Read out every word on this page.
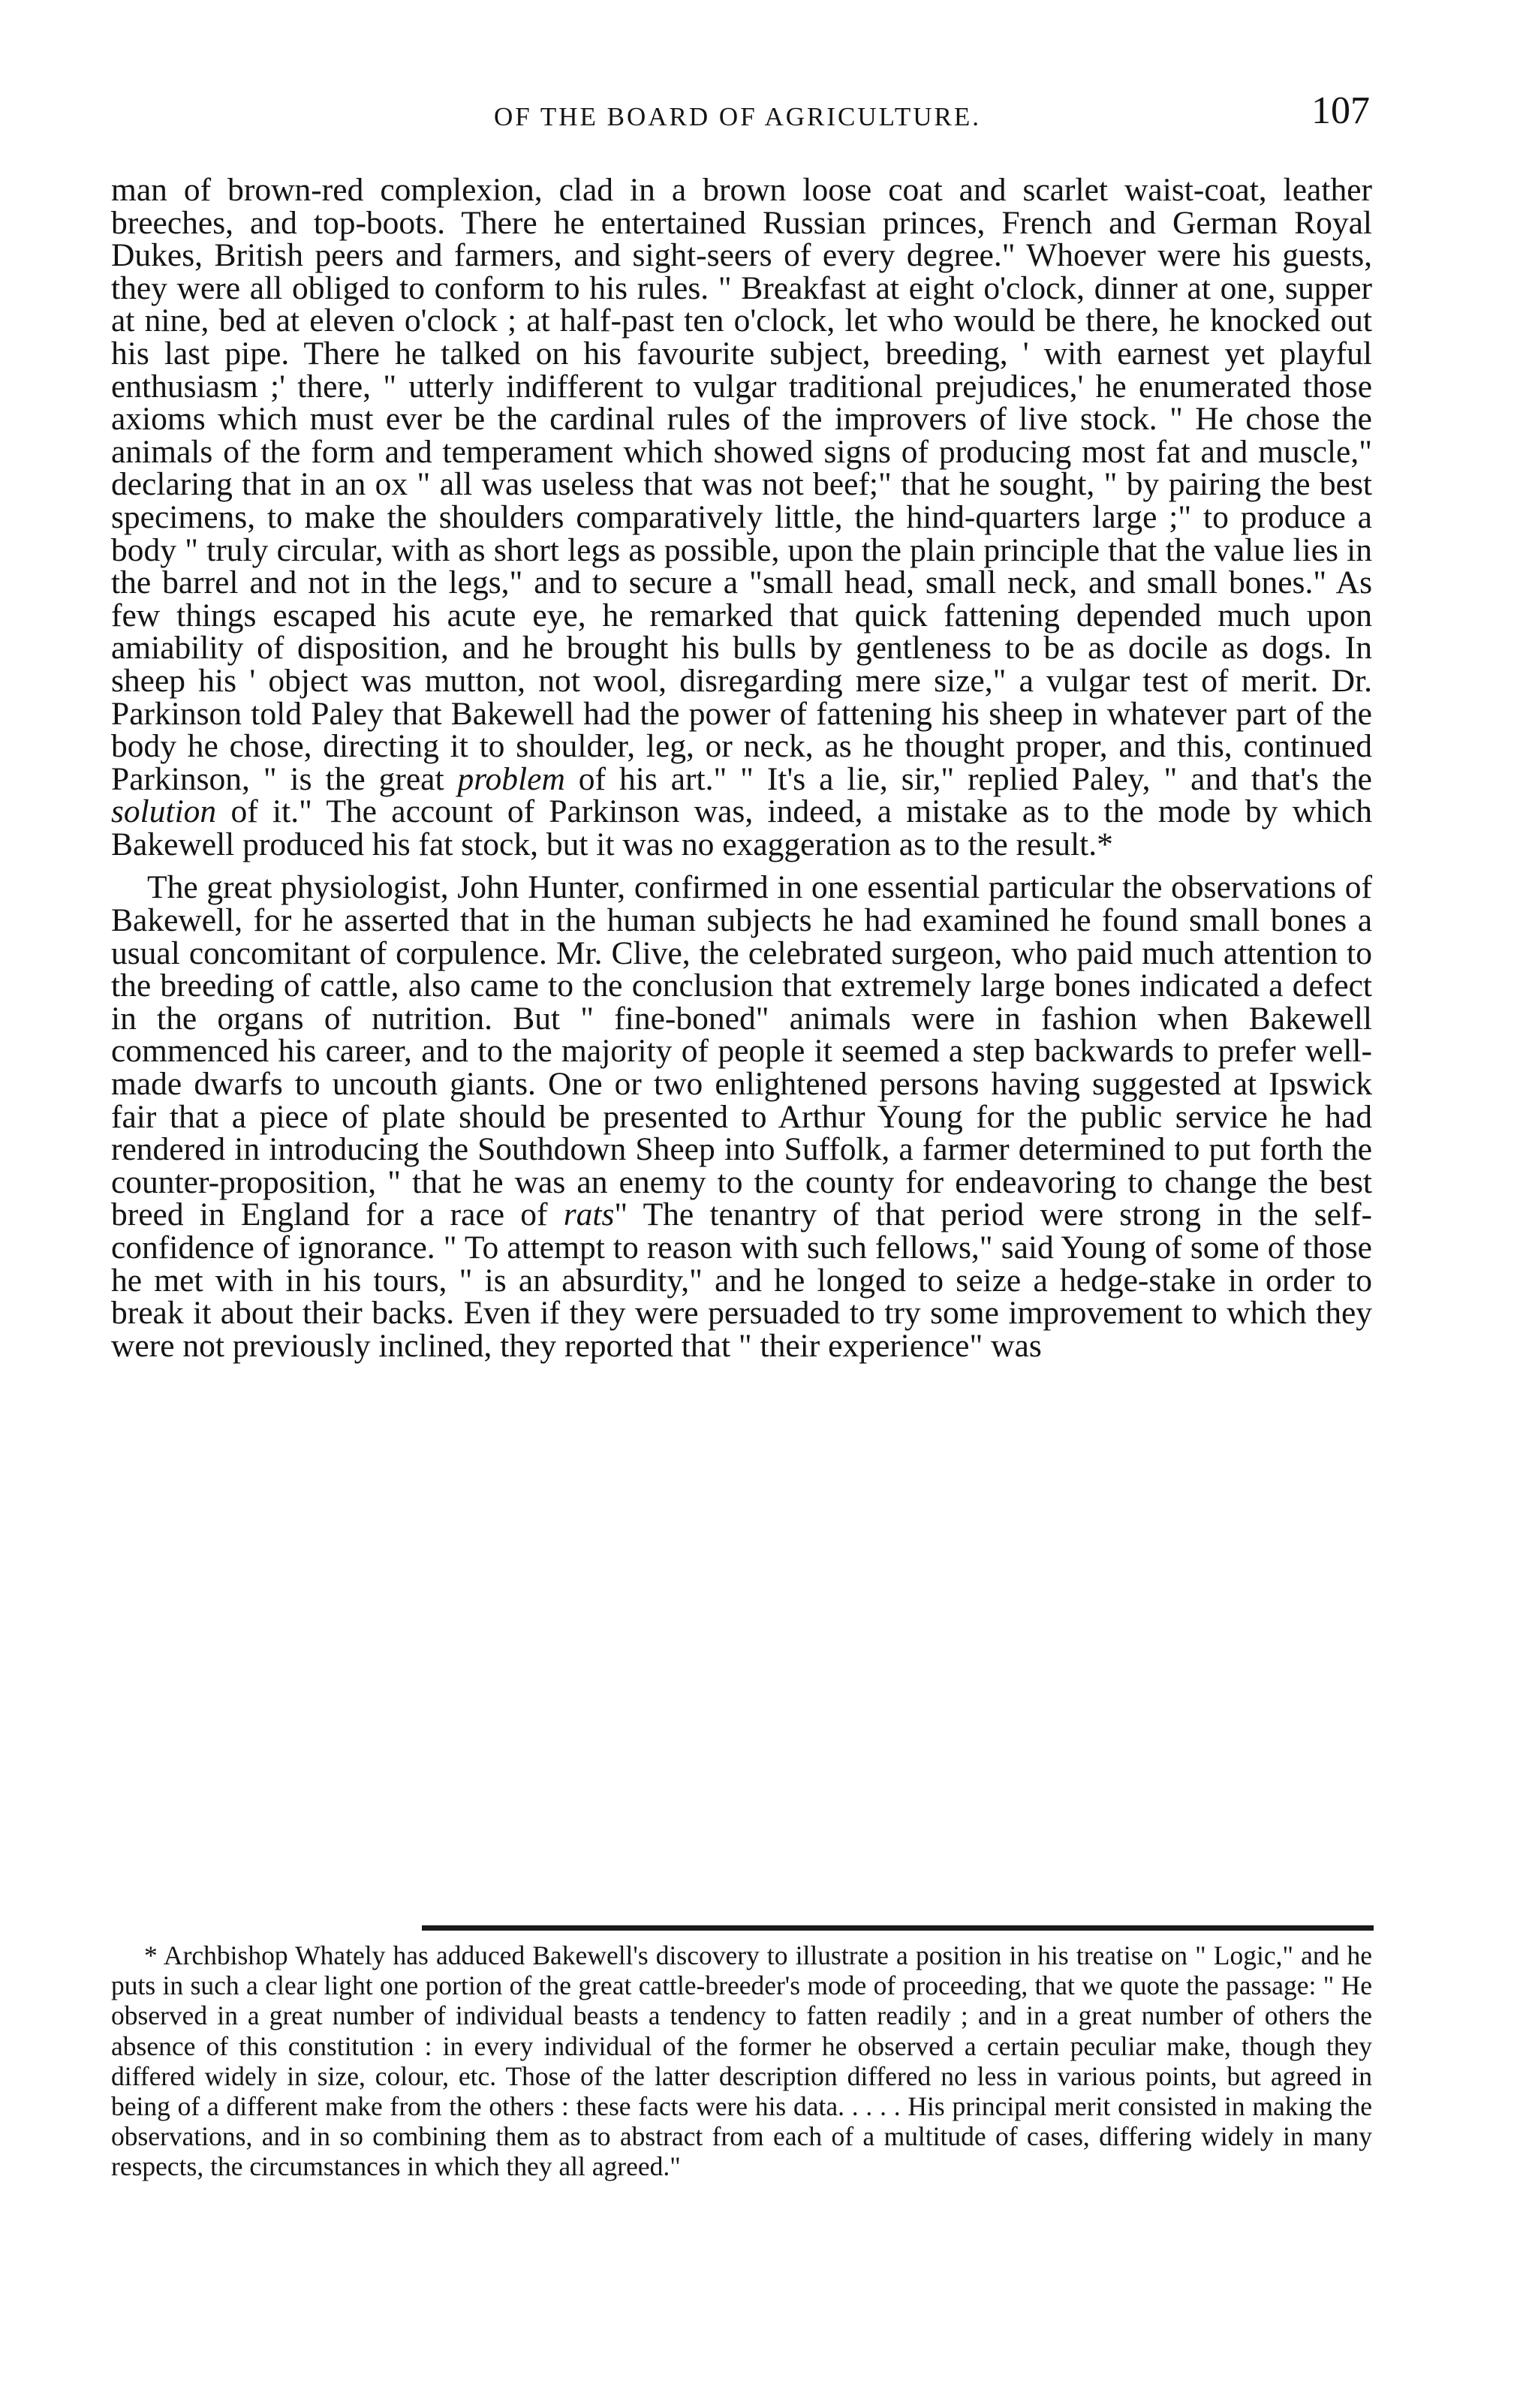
OF THE BOARD OF AGRICULTURE.	107

man of brown-red complexion, clad in a brown loose coat and scarlet waist-coat, leather breeches, and top-boots. There he entertained Russian princes, French and German Royal Dukes, British peers and farmers, and sight-seers of every degree." Whoever were his guests, they were all obliged to conform to his rules. " Breakfast at eight o'clock, dinner at one, supper at nine, bed at eleven o'clock ; at half-past ten o'clock, let who would be there, he knocked out his last pipe. There he talked on his favourite subject, breeding, ' with earnest yet playful enthusiasm ;' there, " utterly indifferent to vulgar traditional prejudices,' he enumerated those axioms which must ever be the cardinal rules of the improvers of live stock. " He chose the animals of the form and temperament which showed signs of producing most fat and muscle," declaring that in an ox " all was useless that was not beef;" that he sought, " by pairing the best specimens, to make the shoulders comparatively little, the hind-quarters large ;" to produce a body " truly circular, with as short legs as possible, upon the plain principle that the value lies in the barrel and not in the legs," and to secure a "small head, small neck, and small bones." As few things escaped his acute eye, he remarked that quick fattening depended much upon amiability of disposition, and he brought his bulls by gentleness to be as docile as dogs. In sheep his ' object was mutton, not wool, disregarding mere size," a vulgar test of merit. Dr. Parkinson told Paley that Bakewell had the power of fattening his sheep in whatever part of the body he chose, directing it to shoulder, leg, or neck, as he thought proper, and this, continued Parkinson, " is the great problem of his art." " It's a lie, sir," replied Paley, " and that's the solution of it." The account of Parkinson was, indeed, a mistake as to the mode by which Bakewell produced his fat stock, but it was no exaggeration as to the result.*

The great physiologist, John Hunter, confirmed in one essential particular the observations of Bakewell, for he asserted that in the human subjects he had examined he found small bones a usual concomitant of corpulence. Mr. Clive, the celebrated surgeon, who paid much attention to the breeding of cattle, also came to the conclusion that extremely large bones indicated a defect in the organs of nutrition. But " fine-boned" animals were in fashion when Bakewell commenced his career, and to the majority of people it seemed a step backwards to prefer well-made dwarfs to uncouth giants. One or two enlightened persons having suggested at Ipswick fair that a piece of plate should be presented to Arthur Young for the public service he had rendered in introducing the Southdown Sheep into Suffolk, a farmer determined to put forth the counter-proposition, " that he was an enemy to the county for endeavoring to change the best breed in England for a race of rats" The tenantry of that period were strong in the self-confidence of ignorance. " To attempt to reason with such fellows," said Young of some of those he met with in his tours, " is an absurdity," and he longed to seize a hedge-stake in order to break it about their backs. Even if they were persuaded to try some improvement to which they were not previously inclined, they reported that " their experience" was

* Archbishop Whately has adduced Bakewell's discovery to illustrate a position in his treatise on " Logic," and he puts in such a clear light one portion of the great cattle-breeder's mode of proceeding, that we quote the passage: " He observed in a great number of individual beasts a tendency to fatten readily ; and in a great number of others the absence of this constitution : in every individual of the former he observed a certain peculiar make, though they differed widely in size, colour, etc. Those of the latter description differed no less in various points, but agreed in being of a different make from the others : these facts were his data. . . . . His principal merit consisted in making the observations, and in so combining them as to abstract from each of a multitude of cases, differing widely in many respects, the circumstances in which they all agreed."
